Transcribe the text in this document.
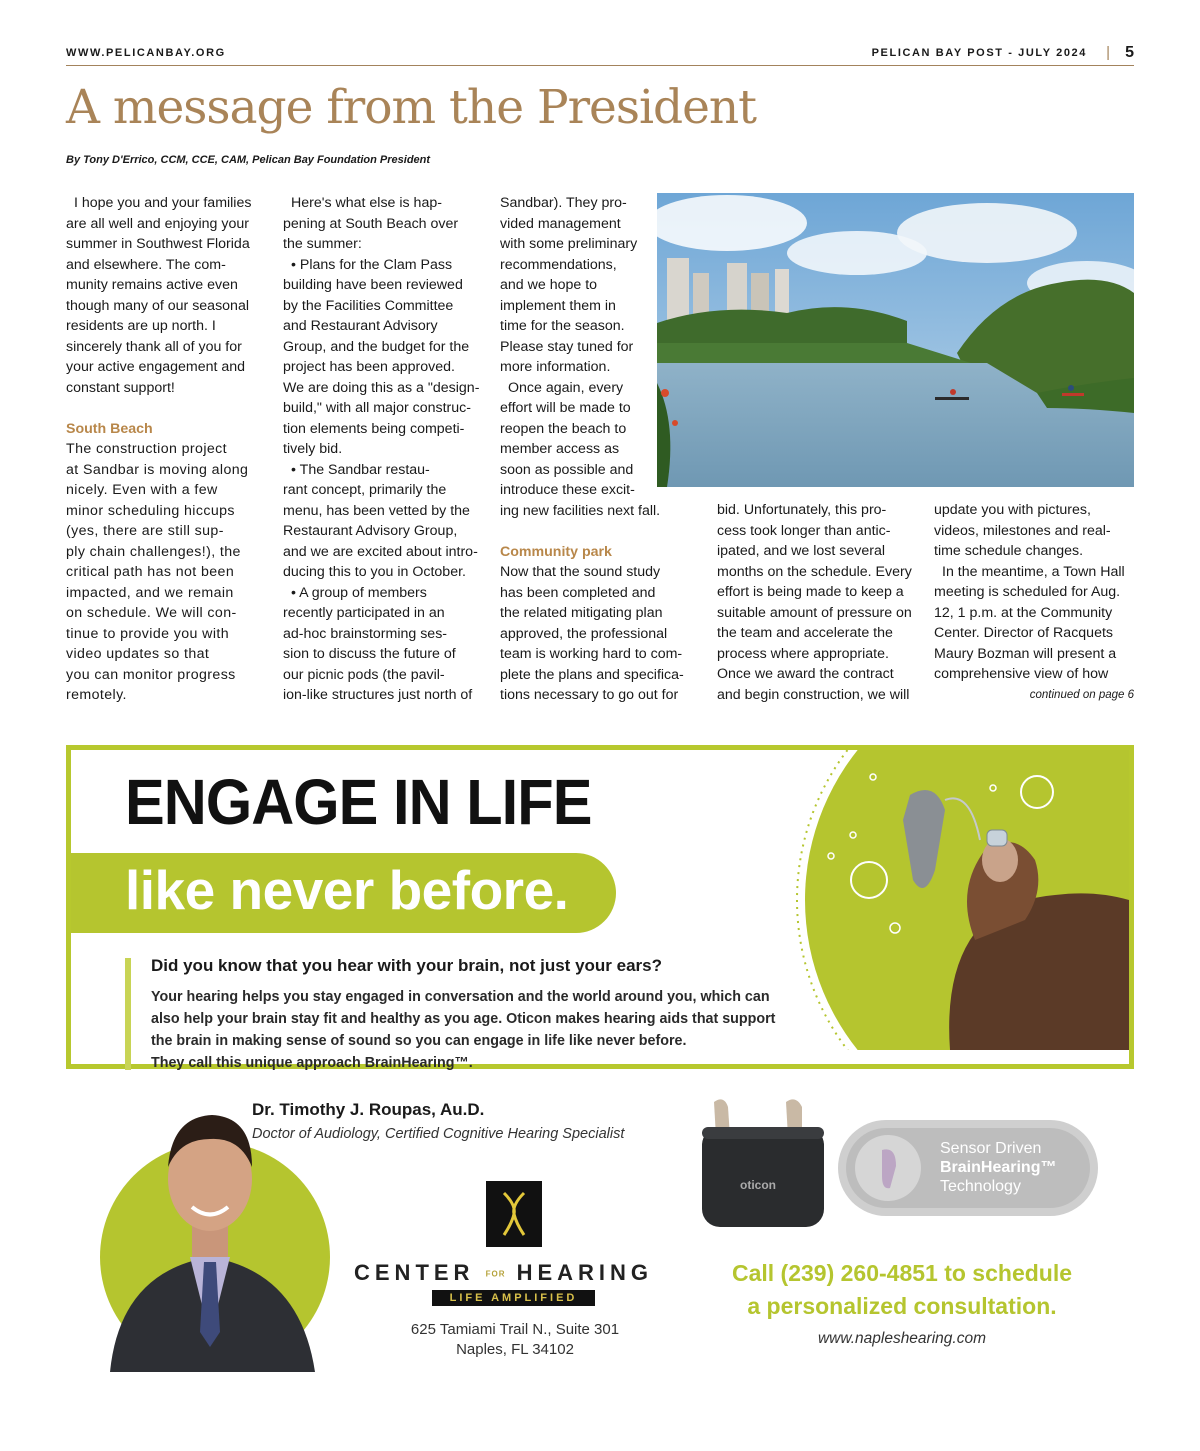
WWW.PELICANBAY.ORG	PELICAN BAY POST - JULY 2024 | 5
A message from the President
By Tony D'Errico, CCM, CCE, CAM, Pelican Bay Foundation President
I hope you and your families
are all well and enjoying your
summer in Southwest Florida
and elsewhere. The com-
munity remains active even
though many of our seasonal
residents are up north. I
sincerely thank all of you for
your active engagement and
constant support!
South Beach
The construction project
at Sandbar is moving along
nicely. Even with a few
minor scheduling hiccups
(yes, there are still sup-
ply chain challenges!), the
critical path has not been
impacted, and we remain
on schedule. We will con-
tinue to provide you with
video updates so that
you can monitor progress
remotely.
Here's what else is hap-
pening at South Beach over
the summer:
• Plans for the Clam Pass
building have been reviewed
by the Facilities Committee
and Restaurant Advisory
Group, and the budget for the
project has been approved.
We are doing this as a "design-
build," with all major construc-
tion elements being competi-
tively bid.
• The Sandbar restau-
rant concept, primarily the
menu, has been vetted by the
Restaurant Advisory Group,
and we are excited about intro-
ducing this to you in October.
• A group of members
recently participated in an
ad-hoc brainstorming ses-
sion to discuss the future of
our picnic pods (the pavil-
ion-like structures just north of
Sandbar). They pro-
vided management
with some preliminary
recommendations,
and we hope to
implement them in
time for the season.
Please stay tuned for
more information.
Once again, every
effort will be made to
reopen the beach to
member access as
soon as possible and
introduce these excit-
ing new facilities next fall.
Community park
Now that the sound study
has been completed and
the related mitigating plan
approved, the professional
team is working hard to com-
plete the plans and specifica-
tions necessary to go out for
bid. Unfortunately, this pro-
cess took longer than antic-
ipated, and we lost several
months on the schedule. Every
effort is being made to keep a
suitable amount of pressure on
the team and accelerate the
process where appropriate.
Once we award the contract
and begin construction, we will
update you with pictures,
videos, milestones and real-
time schedule changes.
In the meantime, a Town Hall
meeting is scheduled for Aug.
12, 1 p.m. at the Community
Center. Director of Racquets
Maury Bozman will present a
comprehensive view of how
continued on page 6
ENGAGE IN LIFE
like never before.
Did you know that you hear with your brain, not just your ears?
Your hearing helps you stay engaged in conversation and the world around you, which can
also help your brain stay fit and healthy as you age. Oticon makes hearing aids that support
the brain in making sense of sound so you can engage in life like never before.
They call this unique approach BrainHearing™.
Dr. Timothy J. Roupas, Au.D.
Doctor of Audiology, Certified Cognitive Hearing Specialist
CENTER FOR HEARING
LIFE AMPLIFIED
625 Tamiami Trail N., Suite 301
Naples, FL 34102
oticon
Sensor Driven
BrainHearing™
Technology
Call (239) 260-4851 to schedule
a personalized consultation.
www.napleshearing.com
